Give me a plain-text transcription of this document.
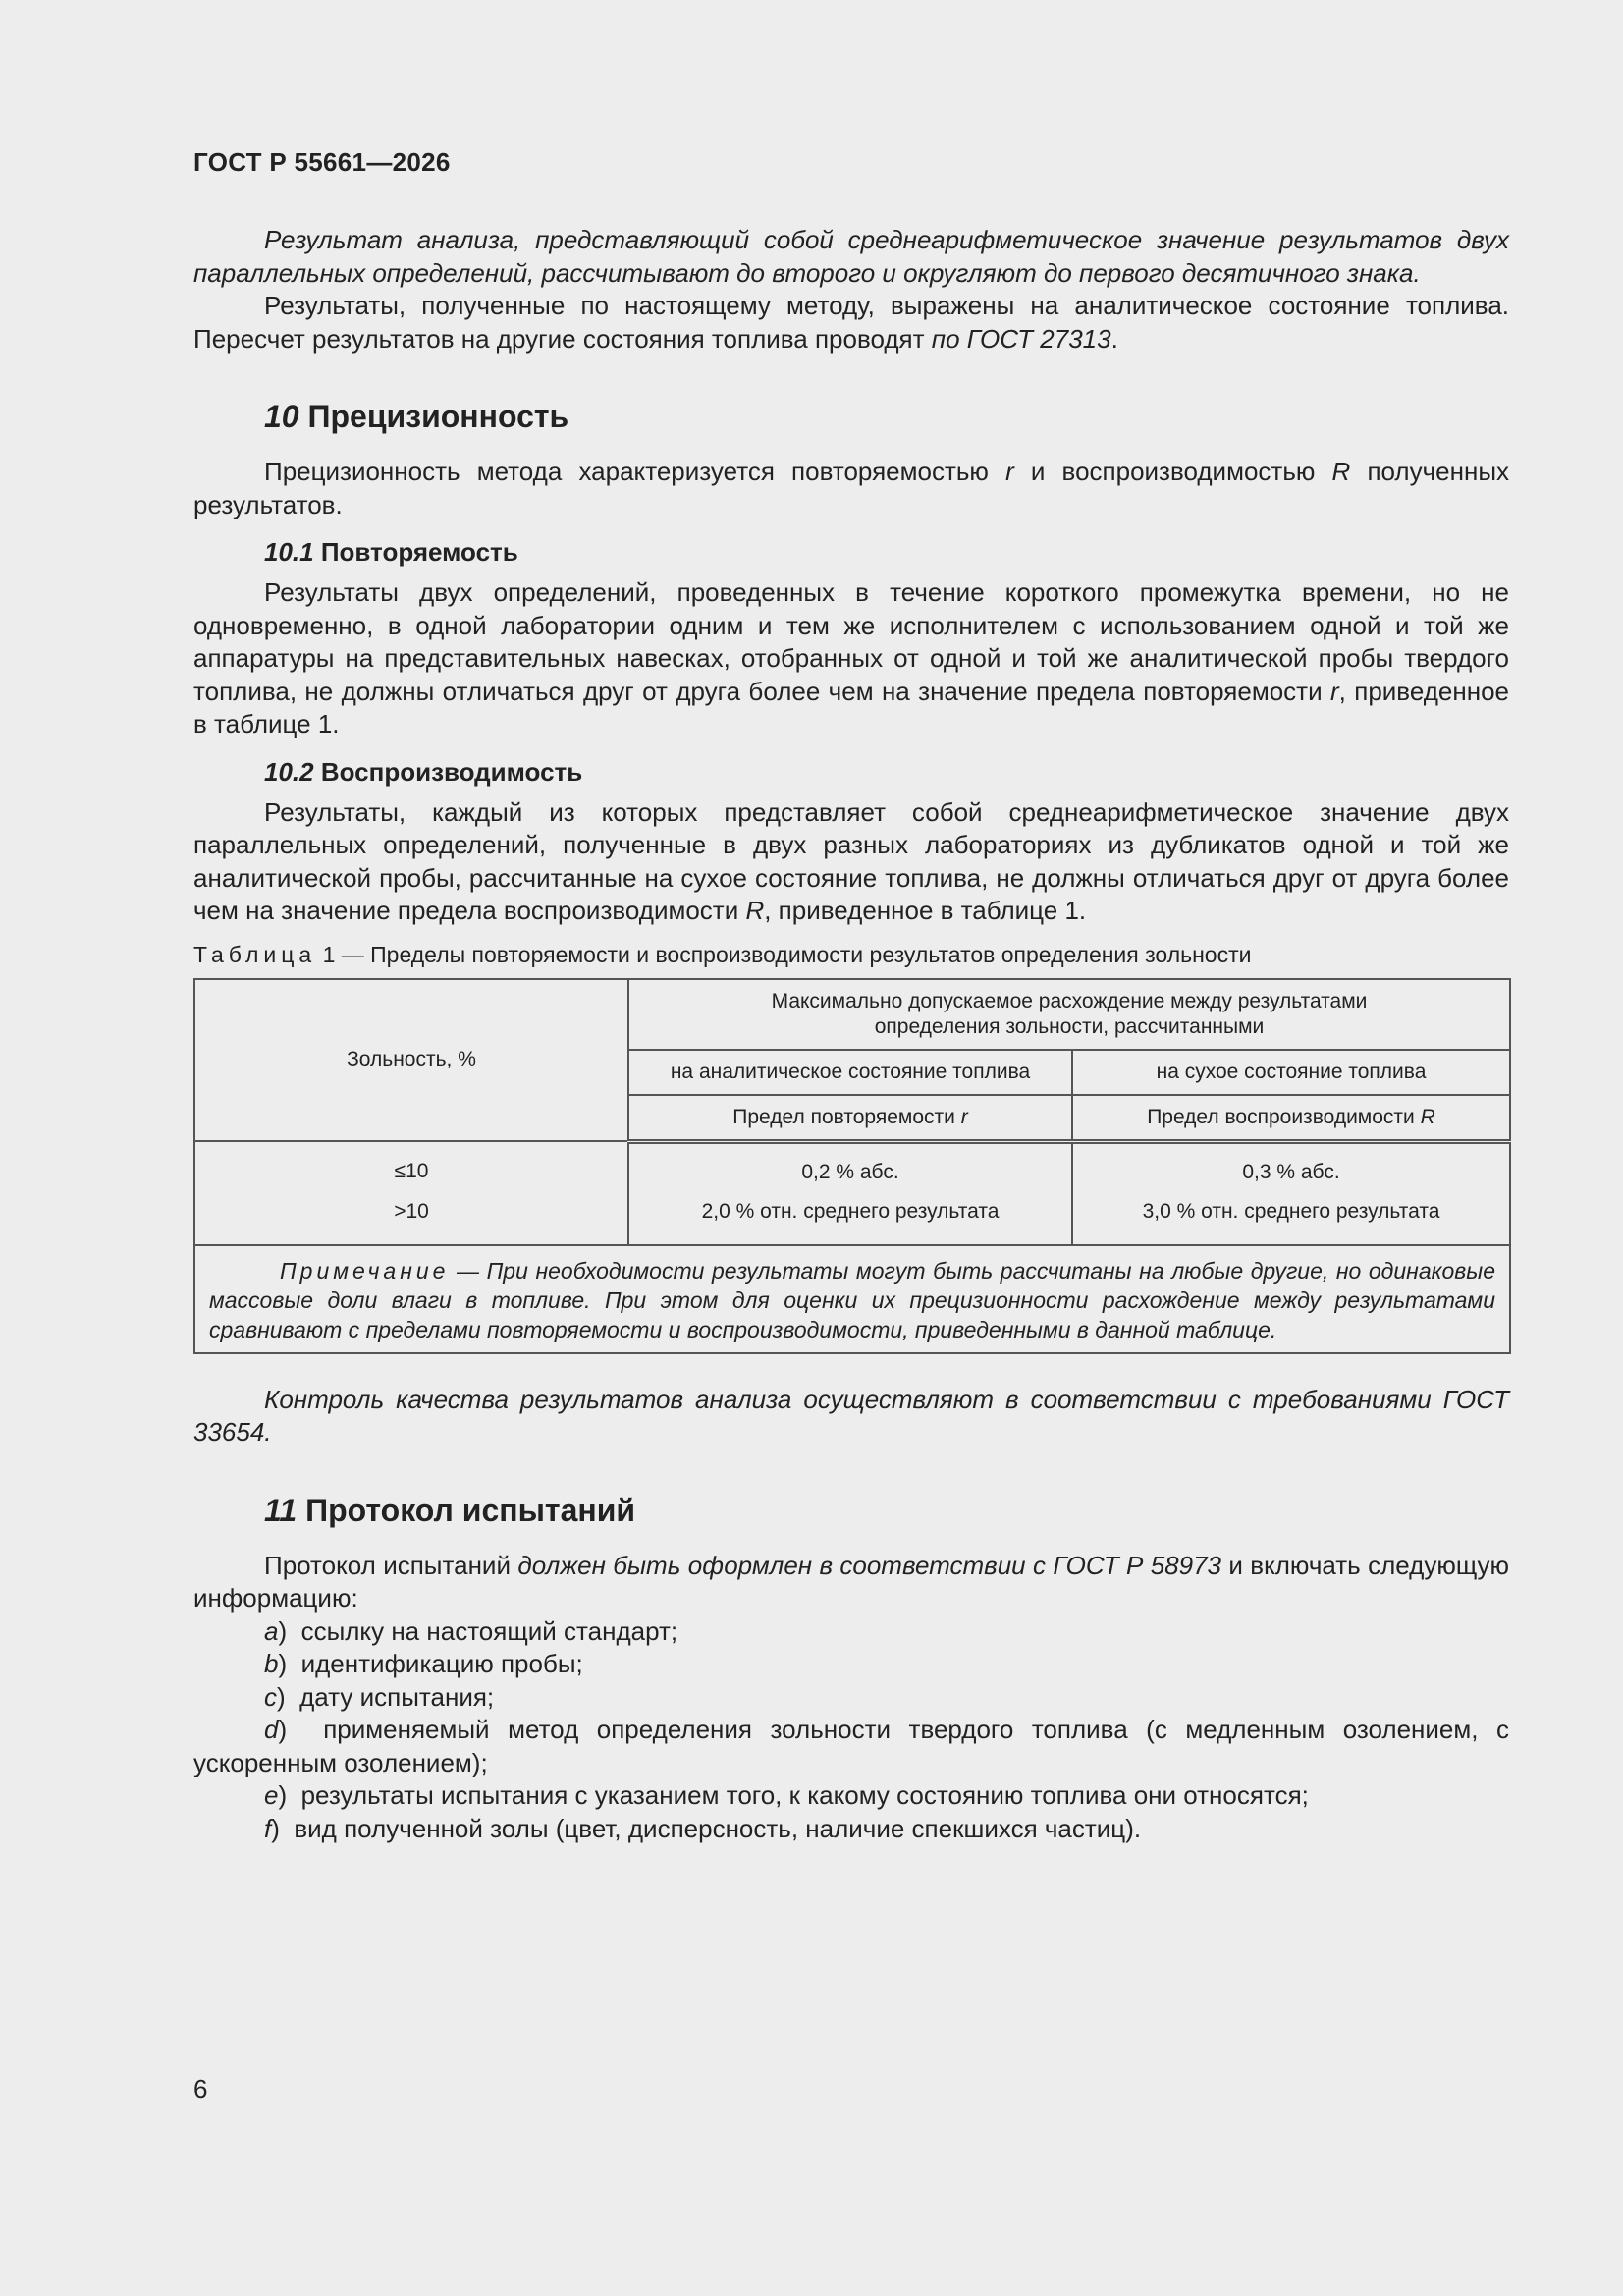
ГОСТ Р 55661—2026

Результат анализа, представляющий собой среднеарифметическое значение результатов двух параллельных определений, рассчитывают до второго и округляют до первого десятичного знака.

Результаты, полученные по настоящему методу, выражены на аналитическое состояние топлива. Пересчет результатов на другие состояния топлива проводят по ГОСТ 27313.

10 Прецизионность

Прецизионность метода характеризуется повторяемостью r и воспроизводимостью R полученных результатов.

10.1 Повторяемость

Результаты двух определений, проведенных в течение короткого промежутка времени, но не одновременно, в одной лаборатории одним и тем же исполнителем с использованием одной и той же аппаратуры на представительных навесках, отобранных от одной и той же аналитической пробы твердого топлива, не должны отличаться друг от друга более чем на значение предела повторяемости r, приведенное в таблице 1.

10.2 Воспроизводимость

Результаты, каждый из которых представляет собой среднеарифметическое значение двух параллельных определений, полученные в двух разных лабораториях из дубликатов одной и той же аналитической пробы, рассчитанные на сухое состояние топлива, не должны отличаться друг от друга более чем на значение предела воспроизводимости R, приведенное в таблице 1.

Таблица 1 — Пределы повторяемости и воспроизводимости результатов определения зольности
Зольность, %	Максимально допускаемое расхождение между результатами
определения зольности, рассчитанными	
	на аналитическое состояние топлива	на сухое состояние топлива
	Предел повторяемости r	Предел воспроизводимости R
≤10	0,2 % абс.	0,3 % абс.
>10	2,0 % отн. среднего результата	3,0 % отн. среднего результата
Примечание — При необходимости результаты могут быть рассчитаны на любые другие, но одинаковые массовые доли влаги в топливе. При этом для оценки их прецизионности расхождение между результатами сравнивают с пределами повторяемости и воспроизводимости, приведенными в данной таблице.		

Контроль качества результатов анализа осуществляют в соответствии с требованиями ГОСТ 33654.

11 Протокол испытаний

Протокол испытаний должен быть оформлен в соответствии с ГОСТ Р 58973 и включать следующую информацию:

a)  ссылку на настоящий стандарт;

b)  идентификацию пробы;

c)  дату испытания;

d)  применяемый метод определения зольности твердого топлива (с медленным озолением, с ускоренным озолением);

e)  результаты испытания с указанием того, к какому состоянию топлива они относятся;

f)  вид полученной золы (цвет, дисперсность, наличие спекшихся частиц).

6
